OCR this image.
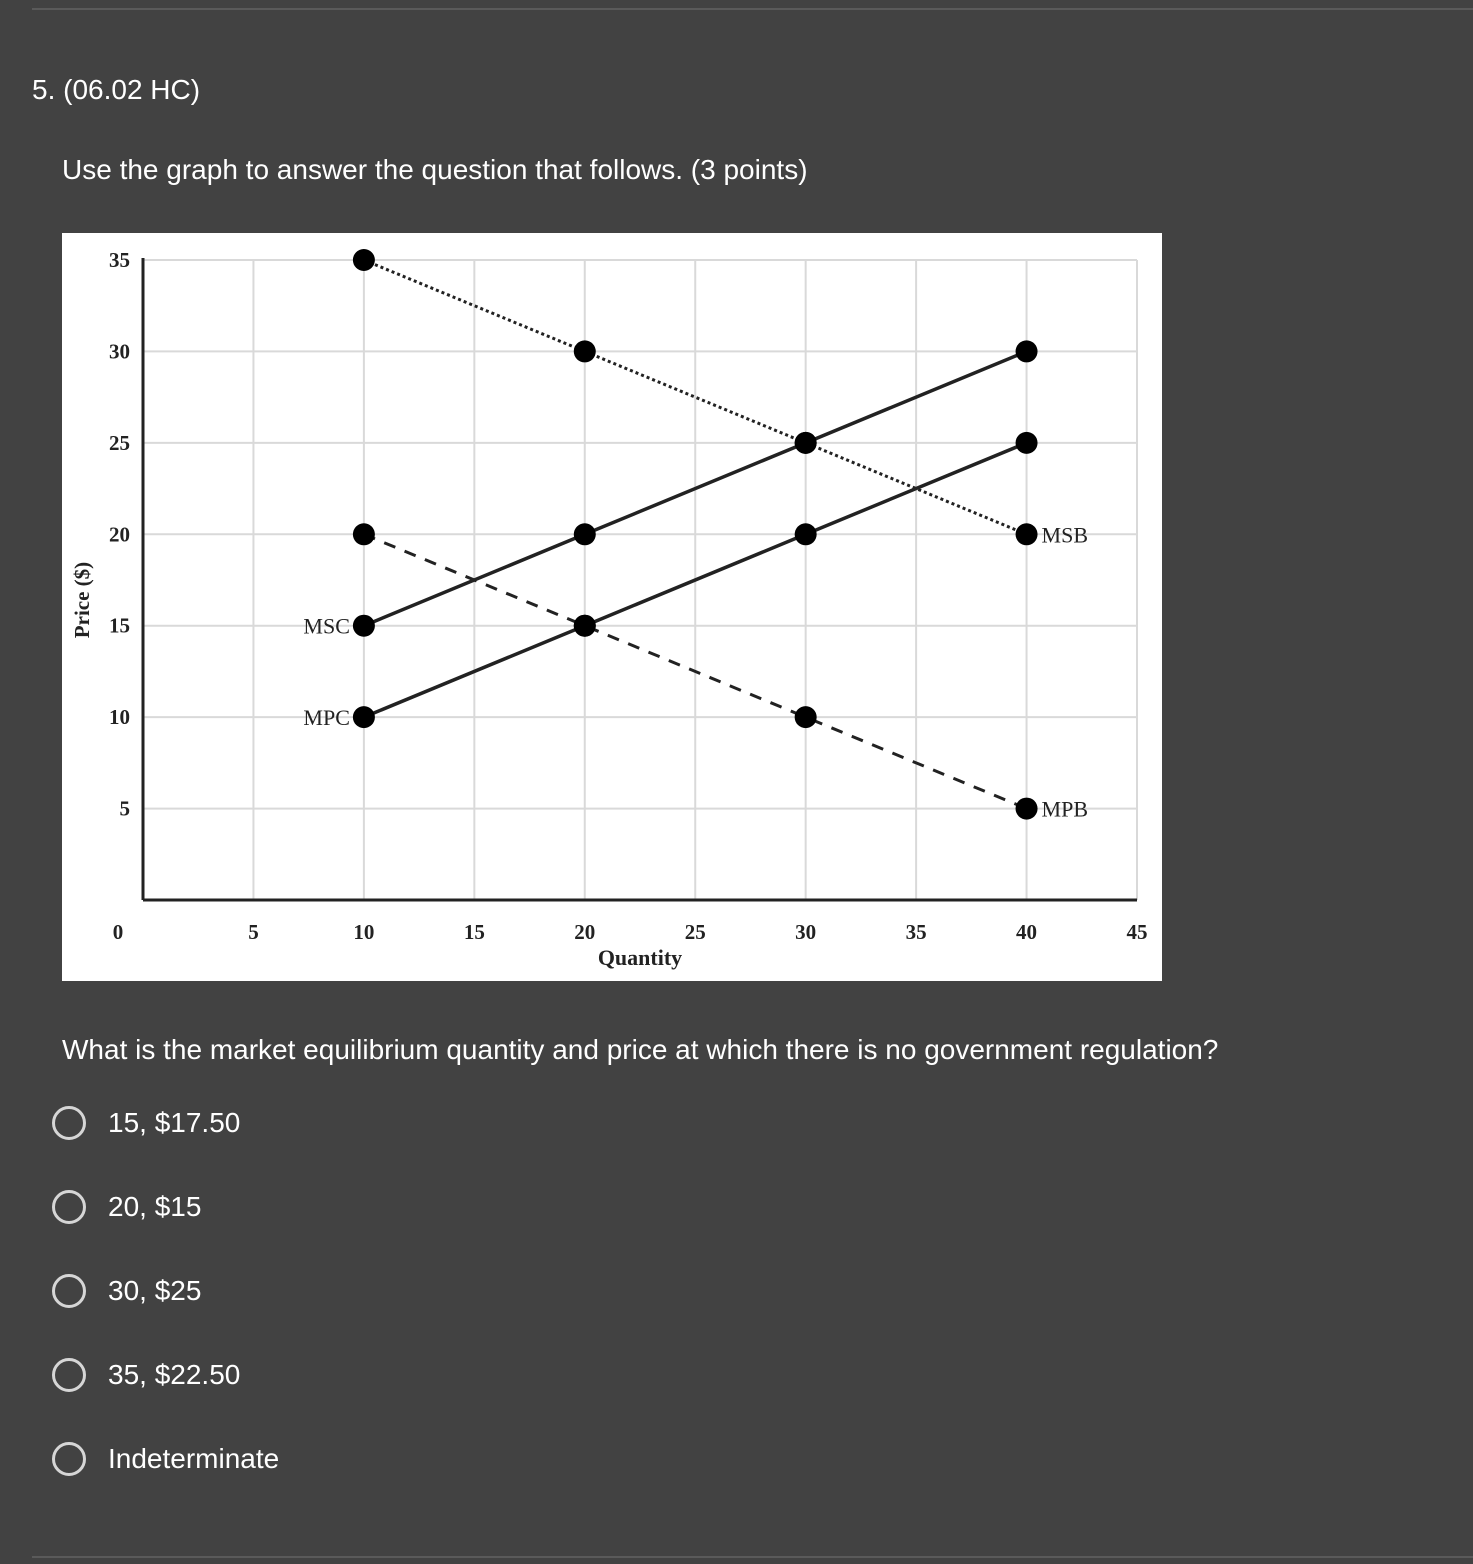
5. (06.02 HC)
Use the graph to answer the question that follows. (3 points)
0	5	10	15	20	25	30	35	40	45
5
10
15
20
25
30
35
Quantity
Price ($)
MSB
MPB
MSC
MPC
What is the market equilibrium quantity and price at which there is no government regulation?
15, $17.50
20, $15
30, $25
35, $22.50
Indeterminate
